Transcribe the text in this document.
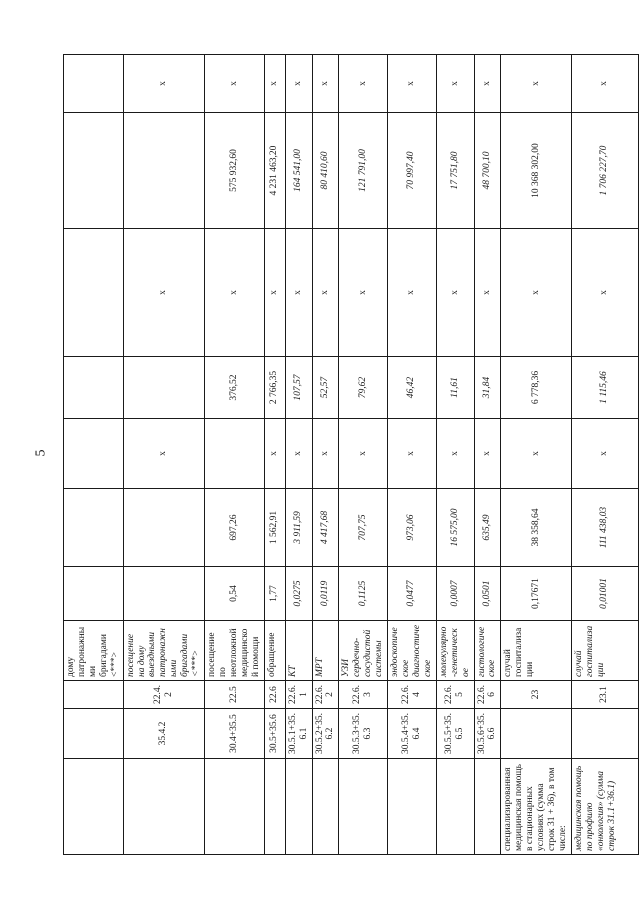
5
			дому патронажными бригадами <***>							
	35.4.2	22.4.2	посещение на дому выездными патронажными бригадами <***>			х		х		х
	30.4+35.5	22.5	посещение по неотложной медицинской помощи	0,54	697,26		376,52	х	575 932,60	х
	30.5+35.6	22.6	обращение	1,77	1 562,91	х	2 766,35	х	4 231 463,20	х
	30.5.1+35.6.1	22.6.1	КТ	0,0275	3 911,59	х	107,57	х	164 541,00	х
	30.5.2+35.6.2	22.6.2	МРТ	0,0119	4 417,68	х	52,57	х	80 410,60	х
	30.5.3+35.6.3	22.6.3	УЗИ сердечно-сосудистой системы	0,1125	707,75	х	79,62	х	121 791,00	х
	30.5.4+35.6.4	22.6.4	эндоскопическое диагностическое	0,0477	973,06	х	46,42	х	70 997,40	х
	30.5.5+35.6.5	22.6.5	молекулярно-генетическое	0,0007	16 575,00	х	11,61	х	17 751,80	х
	30.5.6+35.6.6	22.6.6	гистологическое	0,0501	635,49	х	31,84	х	48 700,10	х
специализированная медицинская помощь в стационарных условиях (сумма строк 31 + 36), в том числе:		23	случай госпитализации	0,17671	38 358,64	х	6 778,36	х	10 368 302,00	х
медицинская помощь по профилю «онкология» (сумма строк 31.1+36.1)		23.1	случай госпитализации	0,01001	111 438,03	х	1 115,46	х	1 706 227,70	х
